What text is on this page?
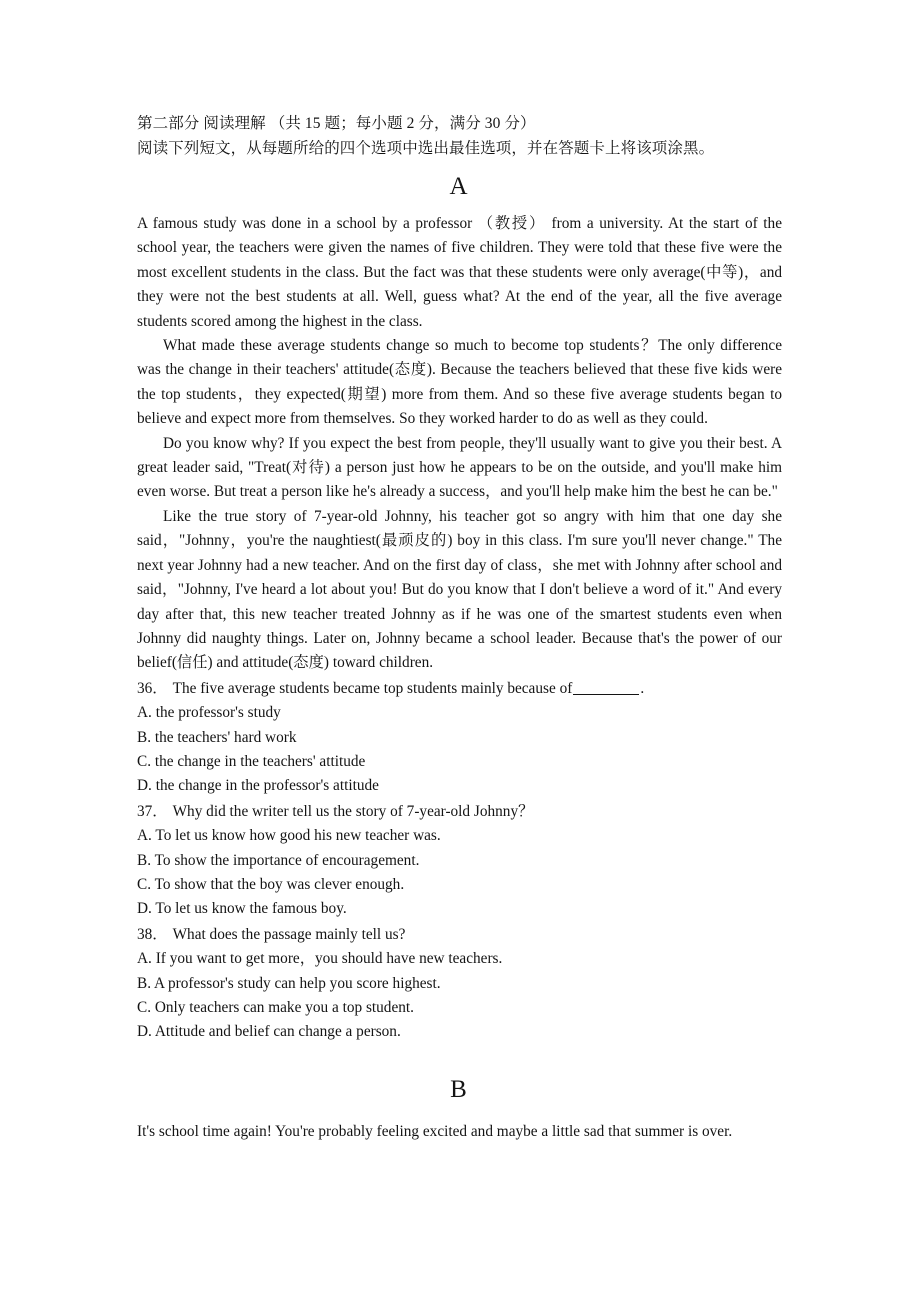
第二部分 阅读理解 （共 15 题；每小题 2 分，满分 30 分）
阅读下列短文，从每题所给的四个选项中选出最佳选项，并在答题卡上将该项涂黑。
A

A famous study was done in a school by a professor （教授） from a university. At the start of the school year, the teachers were given the names of five children. They were told that these five were the most excellent students in the class. But the fact was that these students were only average(中等)，and they were not the best students at all. Well, guess what? At the end of the year, all the five average students scored among the highest in the class.

What made these average students change so much to become top students？The only difference was the change in their teachers' attitude(态度). Because the teachers believed that these five kids were the top students，they expected(期望) more from them. And so these five average students began to believe and expect more from themselves. So they worked harder to do as well as they could.

Do you know why? If you expect the best from people, they'll usually want to give you their best. A great leader said, "Treat(对待) a person just how he appears to be on the outside, and you'll make him even worse. But treat a person like he's already a success，and you'll help make him the best he can be."

Like the true story of 7-year-old Johnny, his teacher got so angry with him that one day she said，"Johnny，you're the naughtiest(最顽皮的) boy in this class. I'm sure you'll never change." The next year Johnny had a new teacher. And on the first day of class，she met with Johnny after school and said，"Johnny, I've heard a lot about you! But do you know that I don't believe a word of it." And every day after that, this new teacher treated Johnny as if he was one of the smartest students even when Johnny did naughty things. Later on, Johnny became a school leader. Because that's the power of our belief(信任) and attitude(态度) toward children.

36． The five average students became top students mainly because of	.

A. the professor's study

B. the teachers' hard work

C. the change in the teachers' attitude

D. the change in the professor's attitude

37． Why did the writer tell us the story of 7-year-old Johnny？

A. To let us know how good his new teacher was.

B. To show the importance of encouragement.

C. To show that the boy was clever enough.

D. To let us know the famous boy.

38． What does the passage mainly tell us?

A. If you want to get more，you should have new teachers.

B. A professor's study can help you score highest.

C. Only teachers can make you a top student.

D. Attitude and belief can change a person.

B

It's school time again! You're probably feeling excited and maybe a little sad that summer is over.
